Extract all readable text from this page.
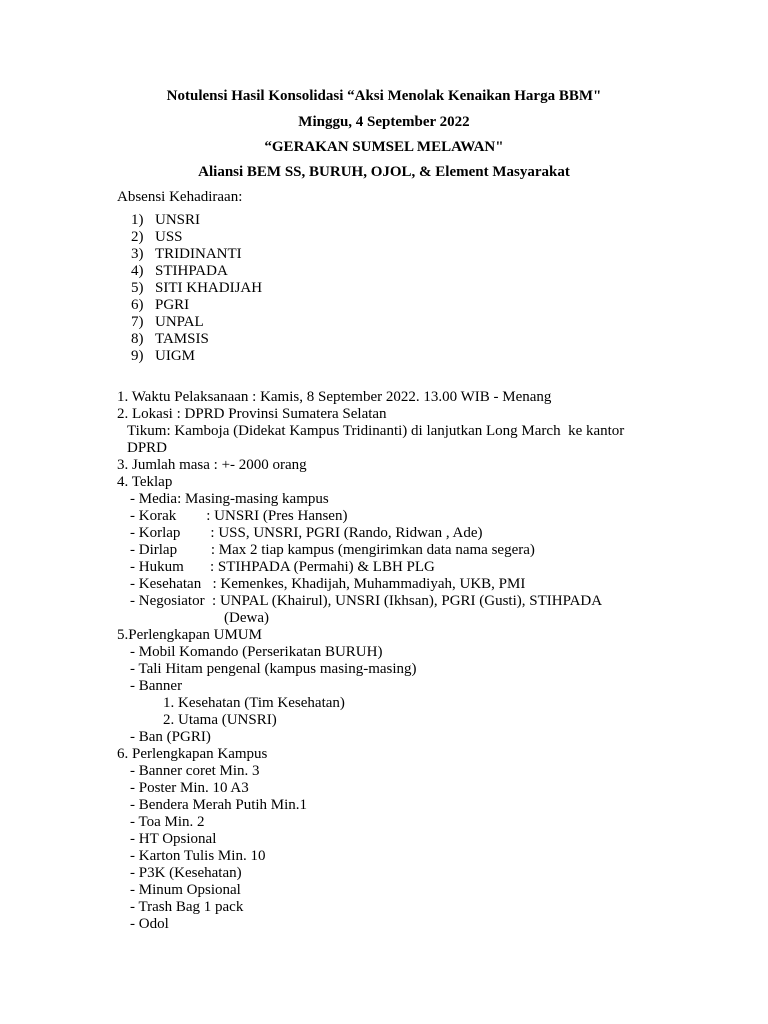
Notulensi Hasil Konsolidasi “Aksi Menolak Kenaikan Harga BBM"
Minggu, 4 September 2022
“GERAKAN SUMSEL MELAWAN"
Aliansi BEM SS, BURUH, OJOL, & Element Masyarakat
Absensi Kehadiraan:
1) UNSRI
2) USS
3) TRIDINANTI
4) STIHPADA
5) SITI KHADIJAH
6) PGRI
7) UNPAL
8) TAMSIS
9) UIGM
1. Waktu Pelaksanaan : Kamis, 8 September 2022. 13.00 WIB - Menang
2. Lokasi : DPRD Provinsi Sumatera Selatan
Tikum: Kamboja (Didekat Kampus Tridinanti) di lanjutkan Long March  ke kantor
DPRD
3. Jumlah masa : +- 2000 orang
4. Teklap
- Media: Masing-masing kampus
- Korak        : UNSRI (Pres Hansen)
- Korlap        : USS, UNSRI, PGRI (Rando, Ridwan , Ade)
- Dirlap         : Max 2 tiap kampus (mengirimkan data nama segera)
- Hukum       : STIHPADA (Permahi) & LBH PLG
- Kesehatan   : Kemenkes, Khadijah, Muhammadiyah, UKB, PMI
- Negosiator  : UNPAL (Khairul), UNSRI (Ikhsan), PGRI (Gusti), STIHPADA
(Dewa)
5.Perlengkapan UMUM
- Mobil Komando (Perserikatan BURUH)
- Tali Hitam pengenal (kampus masing-masing)
- Banner
1. Kesehatan (Tim Kesehatan)
2. Utama (UNSRI)
- Ban (PGRI)
6. Perlengkapan Kampus
- Banner coret Min. 3
- Poster Min. 10 A3
- Bendera Merah Putih Min.1
- Toa Min. 2
- HT Opsional
- Karton Tulis Min. 10
- P3K (Kesehatan)
- Minum Opsional
- Trash Bag 1 pack
- Odol
